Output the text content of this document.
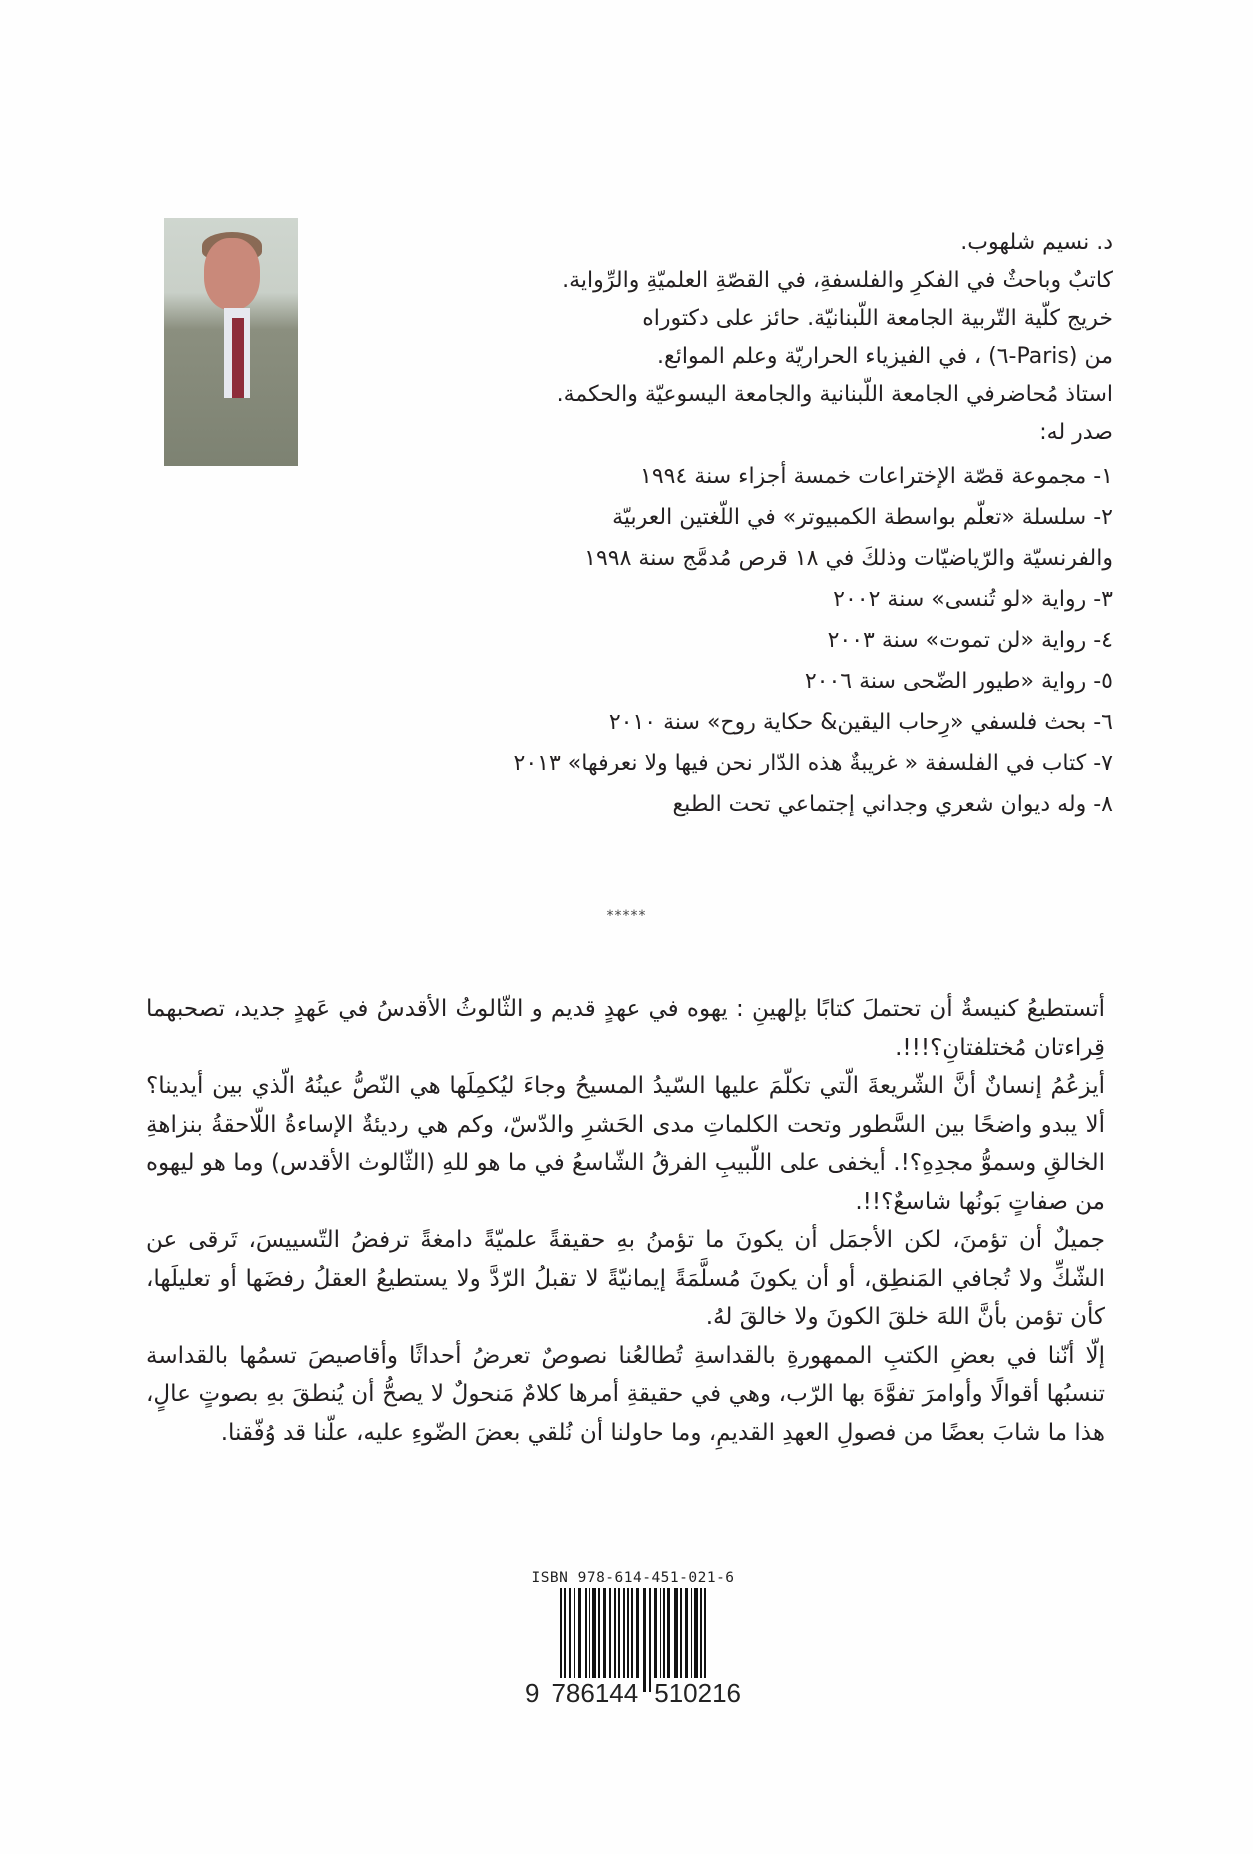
د. نسيم شلهوب.

كاتبٌ وباحثٌ في الفكرِ والفلسفةِ، في القصّةِ العلميّةِ والرِّواية.

خريج كلّية التّربية الجامعة اللّبنانيّة. حائز على دكتوراه

من (Paris-٦) ، في الفيزياء الحراريّة وعلم الموائع.

استاذ مُحاضرفي الجامعة اللّبنانية والجامعة اليسوعيّة والحكمة.

صدر له:

١- مجموعة قصّة الإختراعات خمسة أجزاء سنة ١٩٩٤

٢- سلسلة «تعلّم بواسطة الكمبيوتر» في اللّغتين العربيّة

والفرنسيّة والرّياضيّات وذلكَ في ١٨ قرص مُدمَّج سنة ١٩٩٨

٣- رواية «لو تُنسى» سنة ٢٠٠٢

٤- رواية «لن تموت» سنة ٢٠٠٣

٥- رواية «طيور الضّحى سنة ٢٠٠٦

٦- بحث فلسفي «رِحاب اليقين& حكاية روح» سنة ٢٠١٠

٧- كتاب في الفلسفة « غريبةٌ هذه الدّار نحن فيها ولا نعرفها» ٢٠١٣

٨- وله ديوان شعري وجداني إجتماعي تحت الطبع

*****

أتستطيعُ كنيسةٌ أن تحتملَ كتابًا بإلهينِ : يهوه في عهدٍ قديم و الثّالوثُ الأقدسُ في عَهدٍ جديد، تصحبهما قِراءتان مُختلفتانِ؟!!!.

أيزعُمُ إنسانٌ أنَّ الشّريعةَ الّتي تكلّمَ عليها السّيدُ المسيحُ وجاءَ ليُكمِلَها هي النّصُّ عينُهُ الّذي بين أيدينا؟ ألا يبدو واضحًا بين السَّطور وتحت الكلماتِ مدى الحَشرِ والدّسّ، وكم هي رديئةٌ الإساءةُ اللّاحقةُ بنزاهةِ الخالقِ وسموُّ مجدِهِ؟!. أيخفى على اللّبيبِ الفرقُ الشّاسعُ في ما هو للهِ (الثّالوث الأقدس) وما هو ليهوه من صفاتٍ بَونُها شاسعٌ؟!!.

جميلٌ أن تؤمنَ، لكن الأجمَل أن يكونَ ما تؤمنُ بهِ حقيقةً علميّةً دامغةً ترفضُ التّسييسَ، تَرقى عن الشّكِّ ولا تُجافي المَنطِق، أو أن يكونَ مُسلَّمَةً إيمانيّةً لا تقبلُ الرّدَّ ولا يستطيعُ العقلُ رفضَها أو تعليلَها، كأن تؤمن بأنَّ اللهَ خلقَ الكونَ ولا خالقَ لهُ.

إلّا أنّنا في بعضِ الكتبِ الممهورةِ بالقداسةِ تُطالعُنا نصوصٌ تعرضُ أحداثًا وأقاصيصَ تسمُها بالقداسة تنسبُها أقوالًا وأوامرَ تفوَّهَ بها الرّب، وهي في حقيقةِ أمرها كلامٌ مَنحولٌ لا يصحُّ أن يُنطقَ بهِ بصوتٍ عالٍ، هذا ما شابَ بعضًا من فصولِ العهدِ القديمِ، وما حاولنا أن نُلقي بعضَ الضّوءِ عليه، علّنا قد وُفّقنا.

ISBN 978-614-451-021-6
9 786144 510216
